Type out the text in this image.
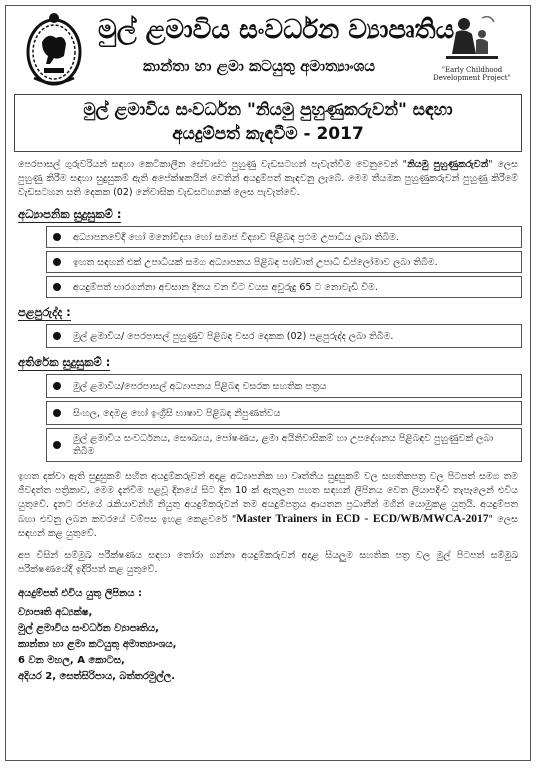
මුල් ළමාවිය සංවර්ධන ව්‍යාපෘතිය
කාන්තා හා ළමා කටයුතු අමාත්‍යාංශය	"Early Childhood Development Project"
මුල් ළමාවිය සංවර්ධන "නියමු පුහුණුකරුවන්" සඳහා
අයදුම්පත් කැඳවීම - 2017
පෙරපාසල් ගුරුවරියන් සඳහා කෙටිකාලීන සේවාස්ථ පුහුණු වැඩසටහන් පැවැත්වීම වෙනුවෙන් "නියමු පුහුණුකරුවන්" ලෙස පුහුණු කිරීම සඳහා සුදුසුකම් ඇති අපේක්ෂකයින් වෙතින් අයදුම්පත් කැඳවනු ලැබේ. මෙම තීයමක පුහුණුකරුවන් පුහුණු කිරීමේ වැඩසටහන සති දෙකක (02) නේවාසික වැඩසටහනක් ලෙස පැවැත්වේ.
අධ්‍යාපනික සුදුසුකම් :
අධ්‍යාපනවේදී හෝ මනෝවිද්‍යා හෝ සමාජ විද්‍යාව පිළිබඳ ප්‍රථම උපාධිය ලබා තිබීම.
ඉහත සඳහන් එක් උපාධියක් සමග අධ්‍යාපනය පිළිබඳ පශ්චාත් උපාධි ඩිප්ලෝමාව ලබා තිබීම.
අයදුම්පත් භාරගන්නා අවසාන දිනය වන විට වයස අවුරුදු 65 ට නොවැඩි වීම.
පළපුරුද්ද :
මුල් ළමාවිය/ පෙරපාසල් පුහුණුව පිළිබඳ වසර දෙකක (02) පළපුරුද්ද ලබා තිබීම.
අතිරේක සුදුසුකම් :
මුල් ළමාවිය/පෙරපාසල් අධ්‍යාපනය පිළිබඳ වසරක සහතික පත්‍රය
සිංහල, දෙමළ හෝ ඉංග්‍රීසි භාෂාව පිළිබඳ නිපුණත්වය
මුල් ළමාවිය සංවර්ධනය, සෞඛ්‍යය, පෝෂණය, ළමා අයිතිවාසිකම් හා උපදේශනය පිළිබඳව පුහුණුවක් ලබා තිබීම
ඉහත දක්වා ඇති සුදුසුකම් සහිත අයදුම්කරුවන් අදාළ අධ්‍යාපනික හා වෘත්තීය සුදුසුකම් වල සහතිකපත්‍ර වල පිටපත් සමග තම ජීවදත්ත පත්‍රිකාව, මෙම දැන්වීම පළවූ දිනයේ සිට දින 10 ක් ඇතුලත පහත සඳහන් ලිපිනය වෙත ලියාපදිංචි තැපෑලෙන් එවිය යුතුවේ. දැනට රජයේ රැකියාවන්හි නියුතු අයදුම්කරුවන් තම අයදුම්පත්‍රය ආයතන ප්‍රධානීන් මගින් යොමුකළ යුතුයි. අයදුම්පත බහා එවනු ලබන කවරයේ වම්පස ඉහළ කෙළවරේ "Master Trainers in ECD - ECD/WB/MWCA-2017" ලෙස සඳහන් කළ යුතුවේ.
අප විසින් සම්මුඛ පරීක්ෂණය සඳහා තෝරා ගන්නා අයදුම්කරුවන් අදාළ සියලුම සහතික පත්‍ර වල මුල් පිටපත් සම්මුඛ පරීක්ෂණයේදී ඉදිරිපත් කළ යුතුවේ.
අයදුම්පත් එවිය යුතු ලිපිනය :
ව්‍යාපෘති අධ්‍යක්ෂ,
මුල් ළමාවිය සංවර්ධන ව්‍යාපෘතිය,
කාන්තා හා ළමා කටයුතු අමාත්‍යාංශය,
6 වන මහල, A කොටස,
අදියර 2, සෙත්සිරිපාය, බත්තරමුල්ල.
